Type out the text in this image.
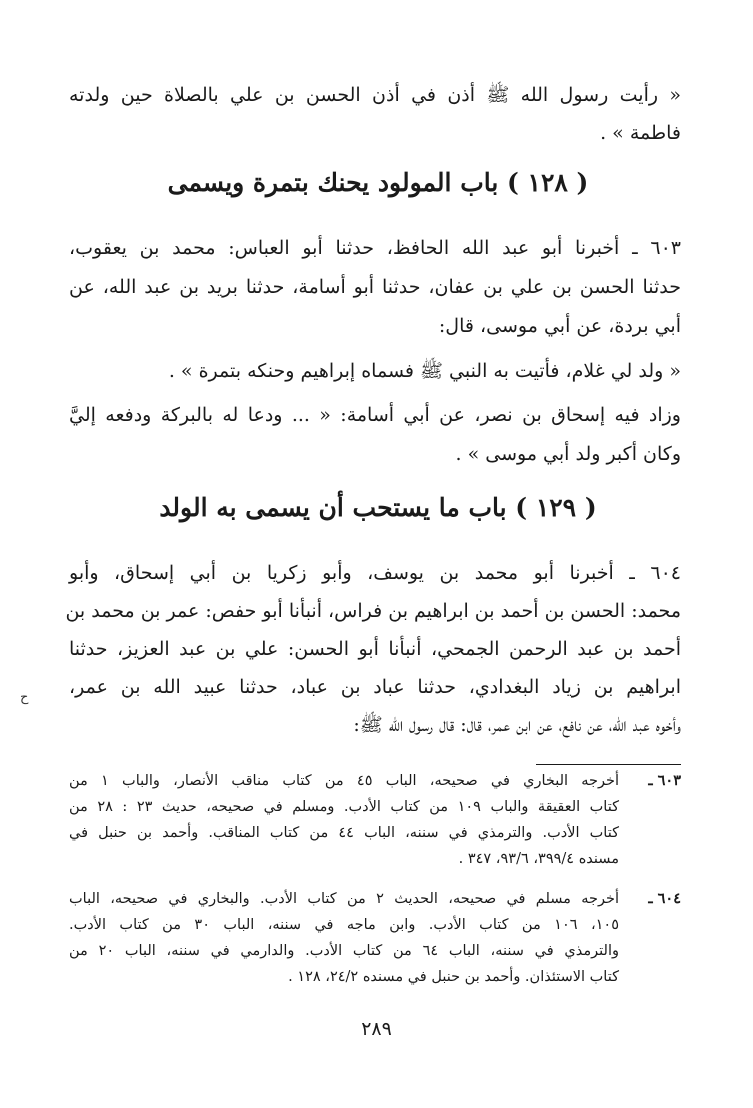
« رأيت رسول الله ﷺ أذن في أذن الحسن بن علي بالصلاة حين ولدته
فاطمة » .
( ١٢٨ ) باب المولود يحنك بتمرة ويسمى
٦٠٣ ـ أخبرنا أبو عبد الله الحافظ، حدثنا أبو العباس: محمد بن يعقوب،
حدثنا الحسن بن علي بن عفان، حدثنا أبو أسامة، حدثنا بريد بن عبد الله، عن
أبي بردة، عن أبي موسى، قال:
« ولد لي غلام، فأتيت به النبي ﷺ فسماه إبراهيم وحنكه بتمرة » .
وزاد فيه إسحاق بن نصر، عن أبي أسامة: « ... ودعا له بالبركة ودفعه إليَّ
وكان أكبر ولد أبي موسى » .
( ١٢٩ ) باب ما يستحب أن يسمى به الولد
٦٠٤ ـ أخبرنا أبو محمد بن يوسف، وأبو زكريا بن أبي إسحاق، وأبو
محمد: الحسن بن أحمد بن ابراهيم بن فراس، أنبأنا أبو حفص: عمر بن محمد بن
أحمد بن عبد الرحمن الجمحي، أنبأنا أبو الحسن: علي بن عبد العزيز، حدثنا
ابراهيم بن زياد البغدادي، حدثنا عباد بن عباد، حدثنا عبيد الله بن عمر،
وأخوه عبد الله، عن نافع، عن ابن عمر، قال: قال رسول الله ﷺ:
ح
٦٠٣ ـ
أخرجه البخاري في صحيحه، الباب ٤٥ من كتاب مناقب الأنصار، والباب ١ من
كتاب العقيقة والباب ١٠٩ من كتاب الأدب. ومسلم في صحيحه، حديث ٢٣ : ٢٨ من
كتاب الأدب. والترمذي في سننه، الباب ٤٤ من كتاب المناقب. وأحمد بن حنبل في
مسنده ٣٩٩/٤، ٩٣/٦، ٣٤٧ .
٦٠٤ ـ
أخرجه مسلم في صحيحه، الحديث ٢ من كتاب الأدب. والبخاري في صحيحه، الباب
١٠٥، ١٠٦ من كتاب الأدب. وابن ماجه في سننه، الباب ٣٠ من كتاب الأدب.
والترمذي في سننه، الباب ٦٤ من كتاب الأدب. والدارمي في سننه، الباب ٢٠ من
كتاب الاستئذان. وأحمد بن حنبل في مسنده ٢٤/٢، ١٢٨ .
٢٨٩
